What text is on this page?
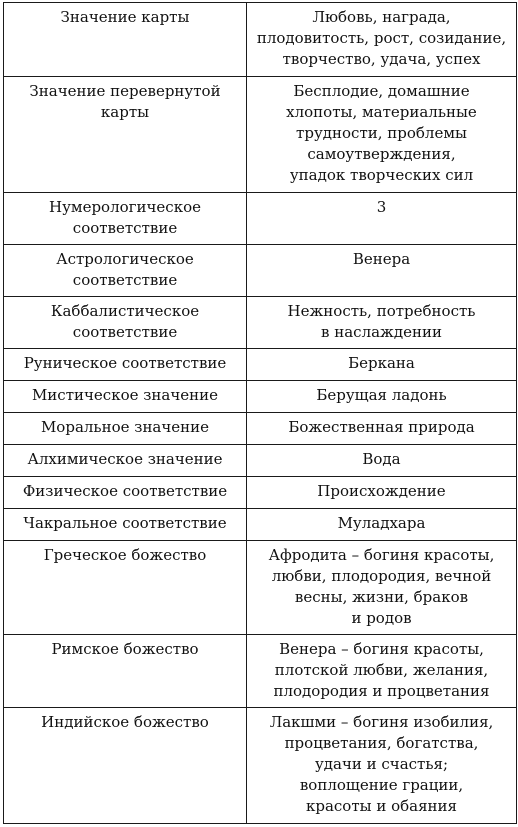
Значение карты	Любовь, награда,
плодовитость, рост, созидание,
творчество, удача, успех

Значение перевернутой
карты	Бесплодие, домашние
хлопоты, материальные
трудности, проблемы
самоутверждения,
упадок творческих сил

Нумерологическое
соответствие	3

Астрологическое
соответствие	Венера

Каббалистическое
соответствие	Нежность, потребность
в наслаждении

Руническое соответствие	Беркана

Мистическое значение	Берущая ладонь

Моральное значение	Божественная природа

Алхимическое значение	Вода

Физическое соответствие	Происхождение

Чакральное соответствие	Муладхара

Греческое божество	Афродита – богиня красоты,
любви, плодородия, вечной
весны, жизни, браков
и родов

Римское божество	Венера – богиня красоты,
плотской любви, желания,
плодородия и процветания

Индийское божество	Лакшми – богиня изобилия,
процветания, богатства,
удачи и счастья;
воплощение грации,
красоты и обаяния
